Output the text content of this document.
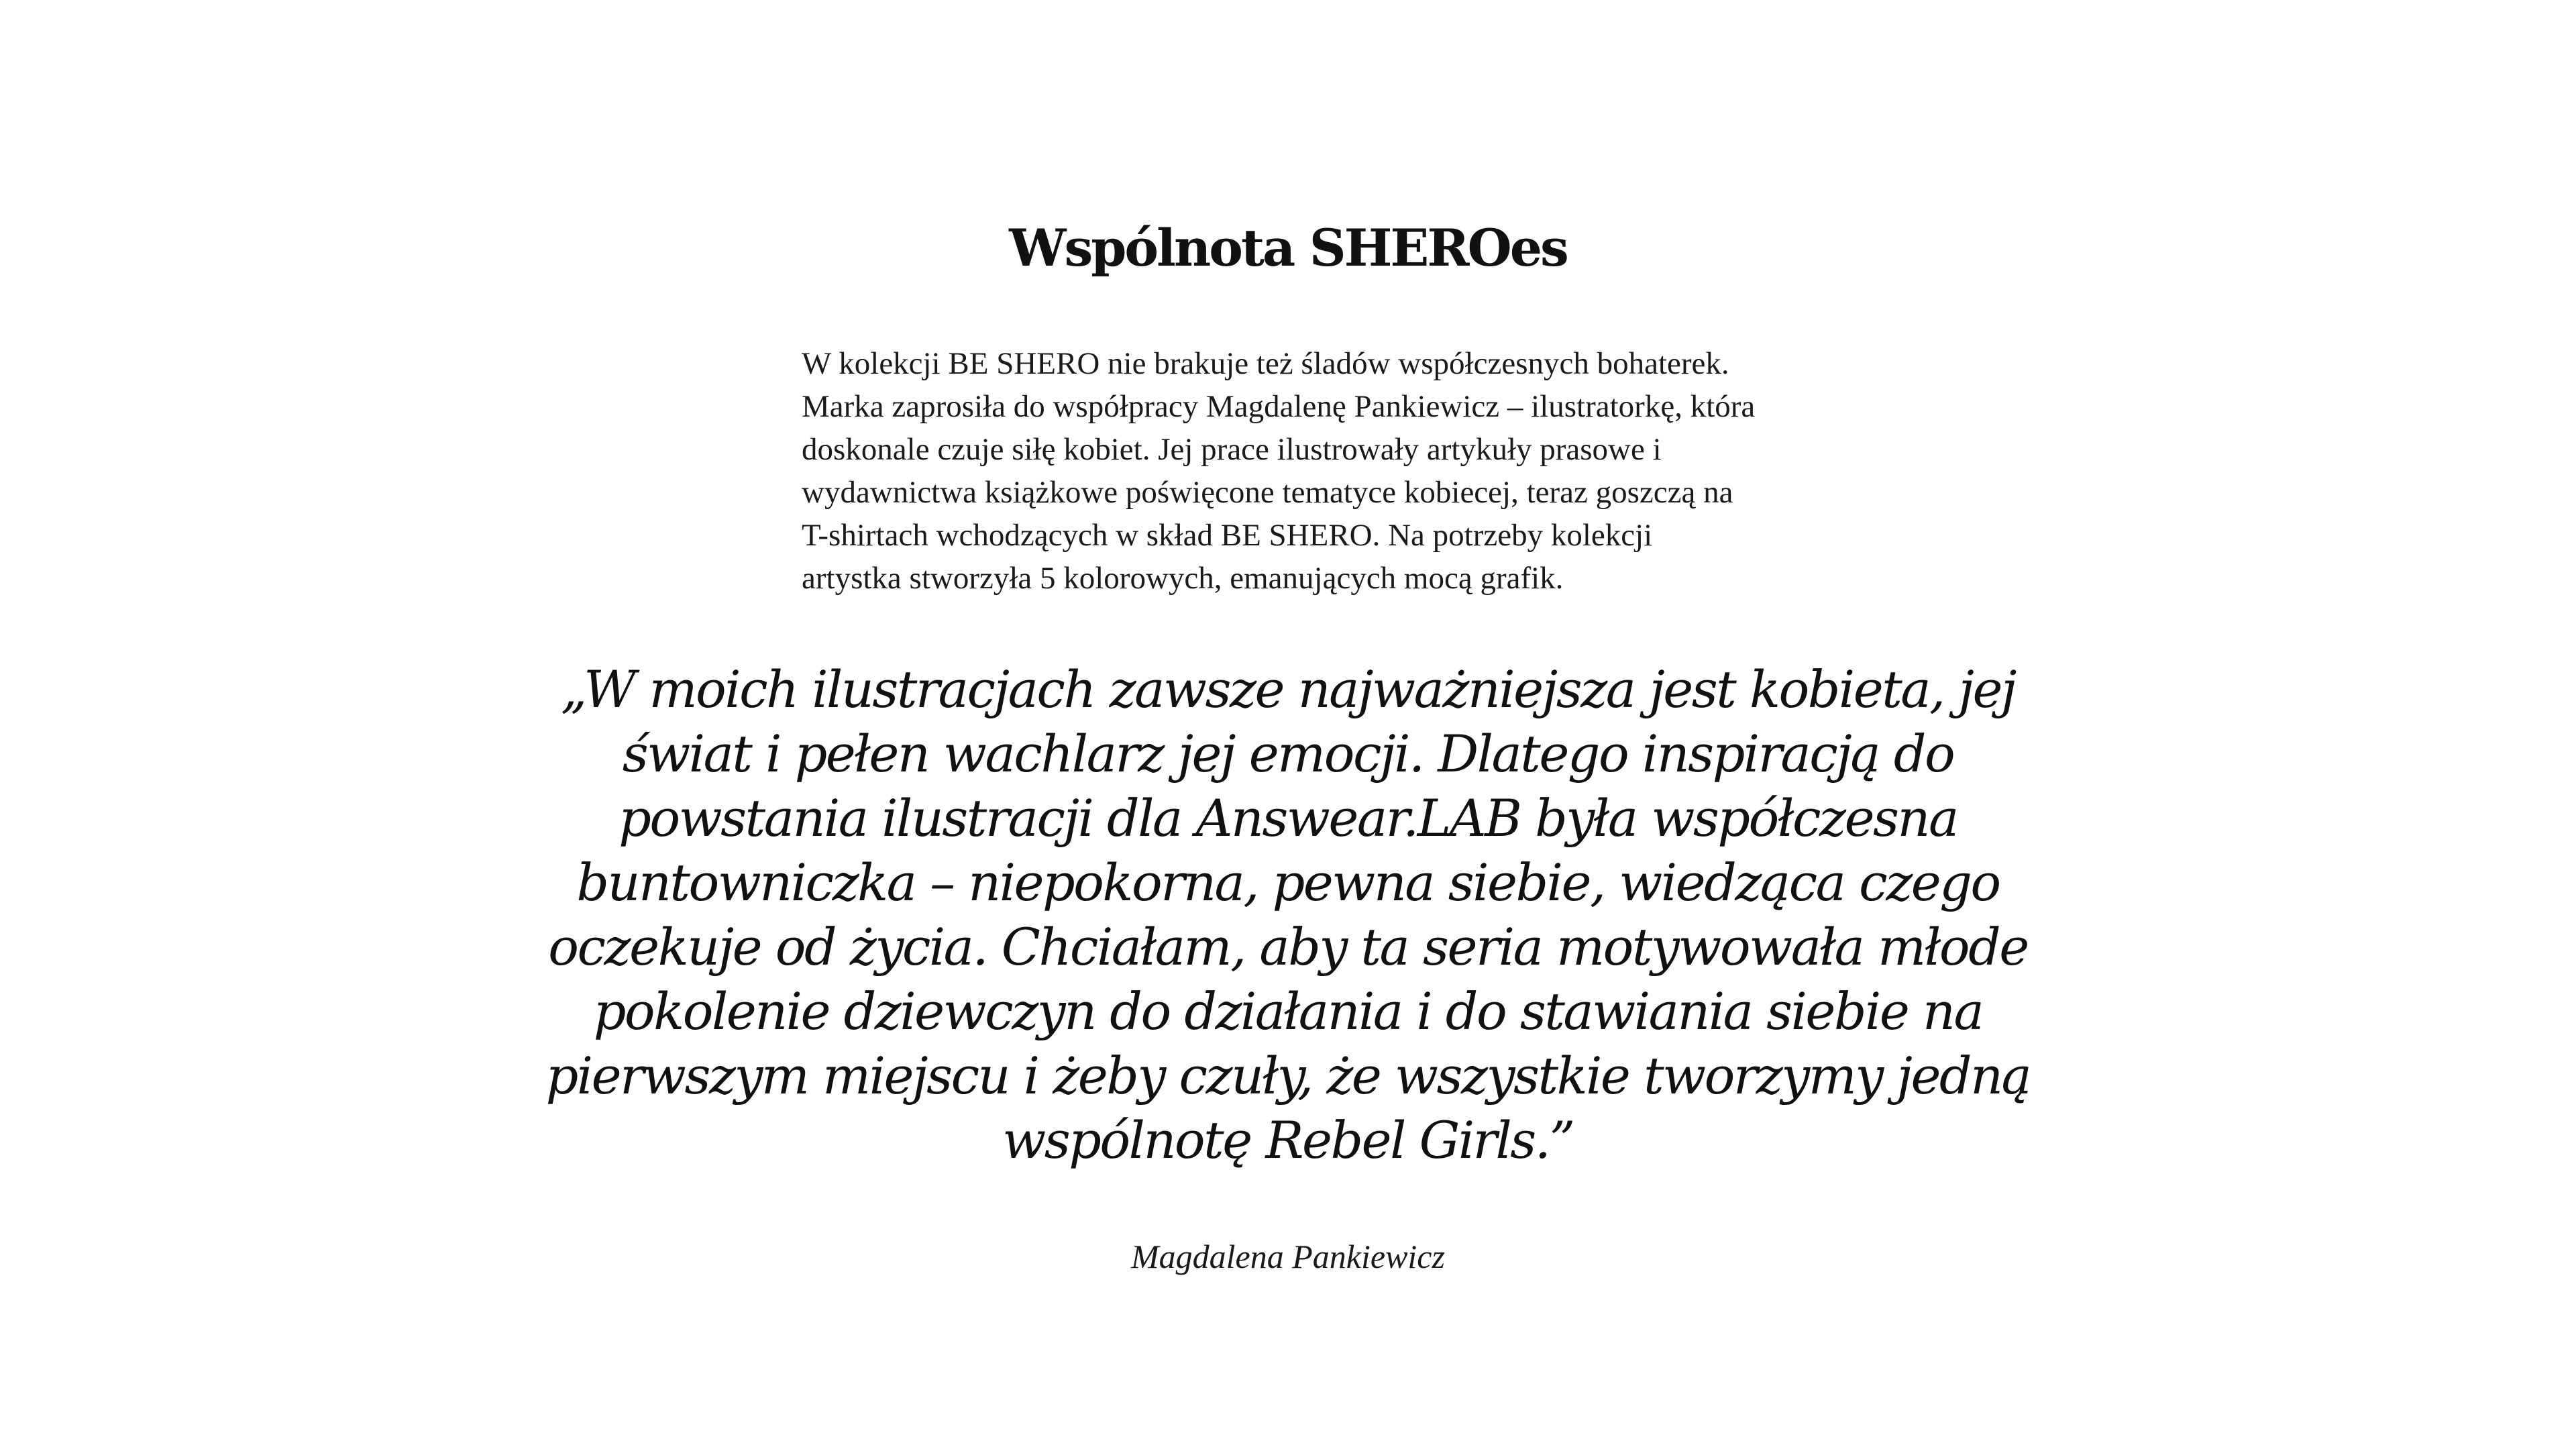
Wspólnota SHEROes
W kolekcji BE SHERO nie brakuje też śladów współczesnych bohaterek.
Marka zaprosiła do współpracy Magdalenę Pankiewicz – ilustratorkę, która
doskonale czuje siłę kobiet. Jej prace ilustrowały artykuły prasowe i
wydawnictwa książkowe poświęcone tematyce kobiecej, teraz goszczą na
T-shirtach wchodzących w skład BE SHERO. Na potrzeby kolekcji
artystka stworzyła 5 kolorowych, emanujących mocą grafik.
„W moich ilustracjach zawsze najważniejsza jest kobieta, jej
świat i pełen wachlarz jej emocji. Dlatego inspiracją do
powstania ilustracji dla Answear.LAB była współczesna
buntowniczka – niepokorna, pewna siebie, wiedząca czego
oczekuje od życia. Chciałam, aby ta seria motywowała młode
pokolenie dziewczyn do działania i do stawiania siebie na
pierwszym miejscu i żeby czuły, że wszystkie tworzymy jedną
wspólnotę Rebel Girls.”

Magdalena Pankiewicz
